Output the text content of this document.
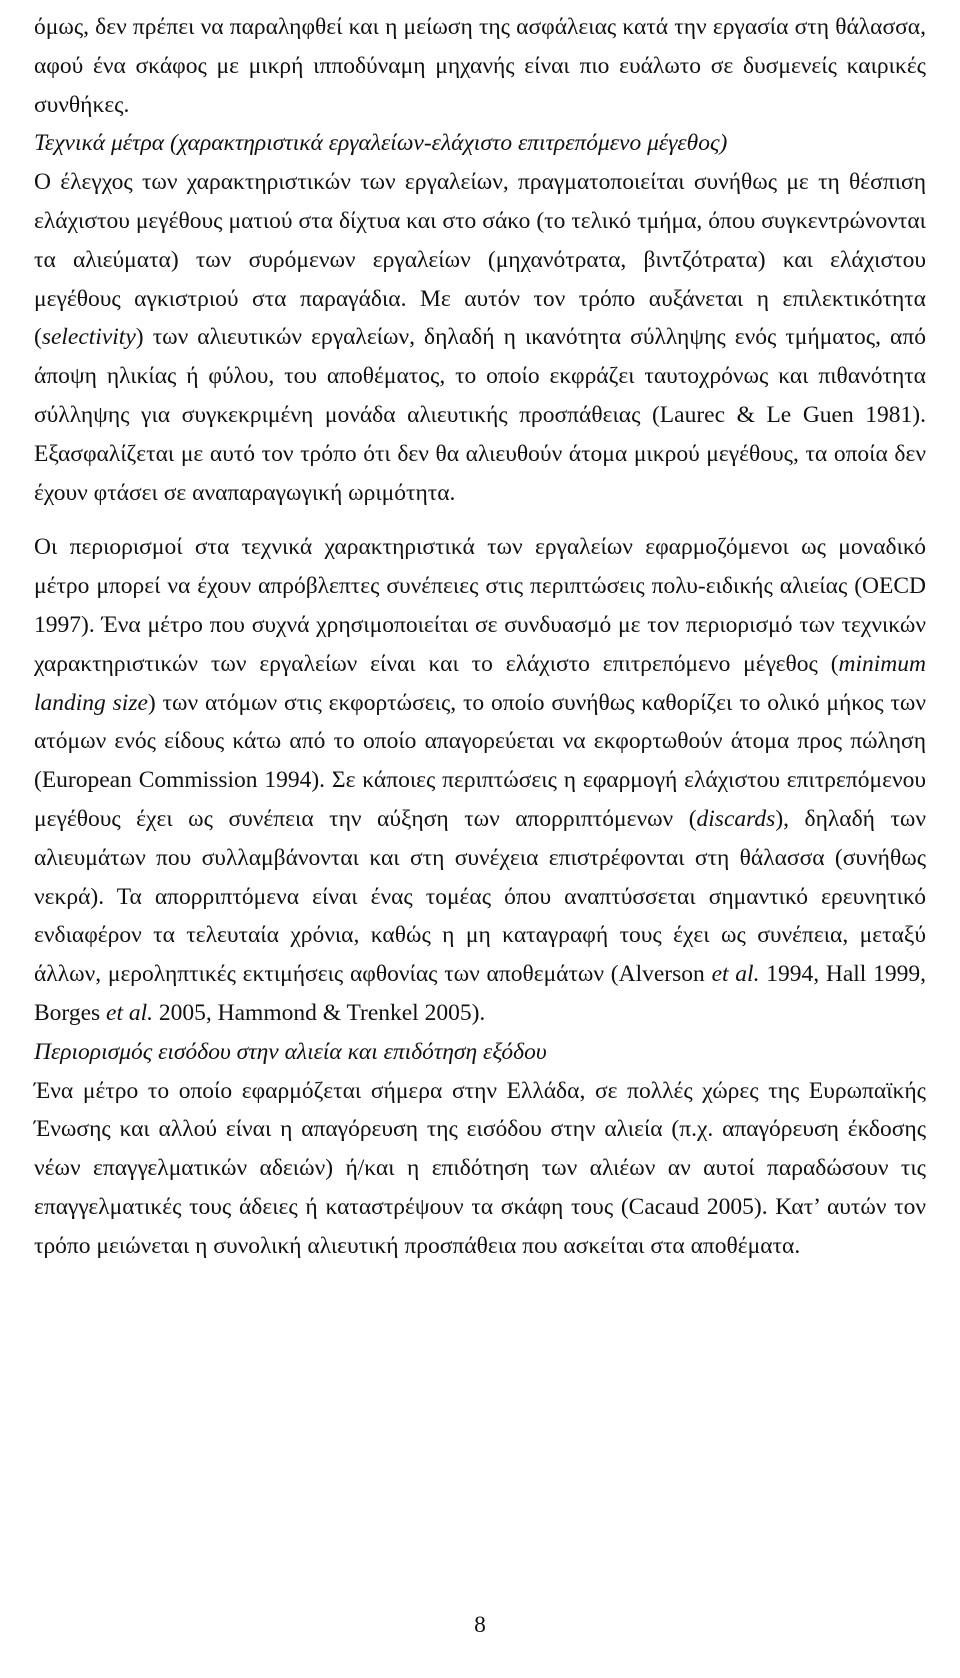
όμως, δεν πρέπει να παραληφθεί και η μείωση της ασφάλειας κατά την εργασία στη θάλασσα, αφού ένα σκάφος με μικρή ιπποδύναμη μηχανής είναι πιο ευάλωτο σε δυσμενείς καιρικές συνθήκες.

Τεχνικά μέτρα (χαρακτηριστικά εργαλείων-ελάχιστο επιτρεπόμενο μέγεθος)

Ο έλεγχος των χαρακτηριστικών των εργαλείων, πραγματοποιείται συνήθως με τη θέσπιση ελάχιστου μεγέθους ματιού στα δίχτυα και στο σάκο (το τελικό τμήμα, όπου συγκεντρώνονται τα αλιεύματα) των συρόμενων εργαλείων (μηχανότρατα, βιντζότρατα) και ελάχιστου μεγέθους αγκιστριού στα παραγάδια. Με αυτόν τον τρόπο αυξάνεται η επιλεκτικότητα (selectivity) των αλιευτικών εργαλείων, δηλαδή η ικανότητα σύλληψης ενός τμήματος, από άποψη ηλικίας ή φύλου, του αποθέματος, το οποίο εκφράζει ταυτοχρόνως και πιθανότητα σύλληψης για συγκεκριμένη μονάδα αλιευτικής προσπάθειας (Laurec & Le Guen 1981). Εξασφαλίζεται με αυτό τον τρόπο ότι δεν θα αλιευθούν άτομα μικρού μεγέθους, τα οποία δεν έχουν φτάσει σε αναπαραγωγική ωριμότητα.

Οι περιορισμοί στα τεχνικά χαρακτηριστικά των εργαλείων εφαρμοζόμενοι ως μοναδικό μέτρο μπορεί να έχουν απρόβλεπτες συνέπειες στις περιπτώσεις πολυ-ειδικής αλιείας (OECD 1997). Ένα μέτρο που συχνά χρησιμοποιείται σε συνδυασμό με τον περιορισμό των τεχνικών χαρακτηριστικών των εργαλείων είναι και το ελάχιστο επιτρεπόμενο μέγεθος (minimum landing size) των ατόμων στις εκφορτώσεις, το οποίο συνήθως καθορίζει το ολικό μήκος των ατόμων ενός είδους κάτω από το οποίο απαγορεύεται να εκφορτωθούν άτομα προς πώληση (European Commission 1994). Σε κάποιες περιπτώσεις η εφαρμογή ελάχιστου επιτρεπόμενου μεγέθους έχει ως συνέπεια την αύξηση των απορριπτόμενων (discards), δηλαδή των αλιευμάτων που συλλαμβάνονται και στη συνέχεια επιστρέφονται στη θάλασσα (συνήθως νεκρά). Τα απορριπτόμενα είναι ένας τομέας όπου αναπτύσσεται σημαντικό ερευνητικό ενδιαφέρον τα τελευταία χρόνια, καθώς η μη καταγραφή τους έχει ως συνέπεια, μεταξύ άλλων, μεροληπτικές εκτιμήσεις αφθονίας των αποθεμάτων (Alverson et al. 1994, Hall 1999, Borges et al. 2005, Hammond & Trenkel 2005).

Περιορισμός εισόδου στην αλιεία και επιδότηση εξόδου

Ένα μέτρο το οποίο εφαρμόζεται σήμερα στην Ελλάδα, σε πολλές χώρες της Ευρωπαϊκής Ένωσης και αλλού είναι η απαγόρευση της εισόδου στην αλιεία (π.χ. απαγόρευση έκδοσης νέων επαγγελματικών αδειών) ή/και η επιδότηση των αλιέων αν αυτοί παραδώσουν τις επαγγελματικές τους άδειες ή καταστρέψουν τα σκάφη τους (Cacaud 2005). Κατ’ αυτών τον τρόπο μειώνεται η συνολική αλιευτική προσπάθεια που ασκείται στα αποθέματα.

8
